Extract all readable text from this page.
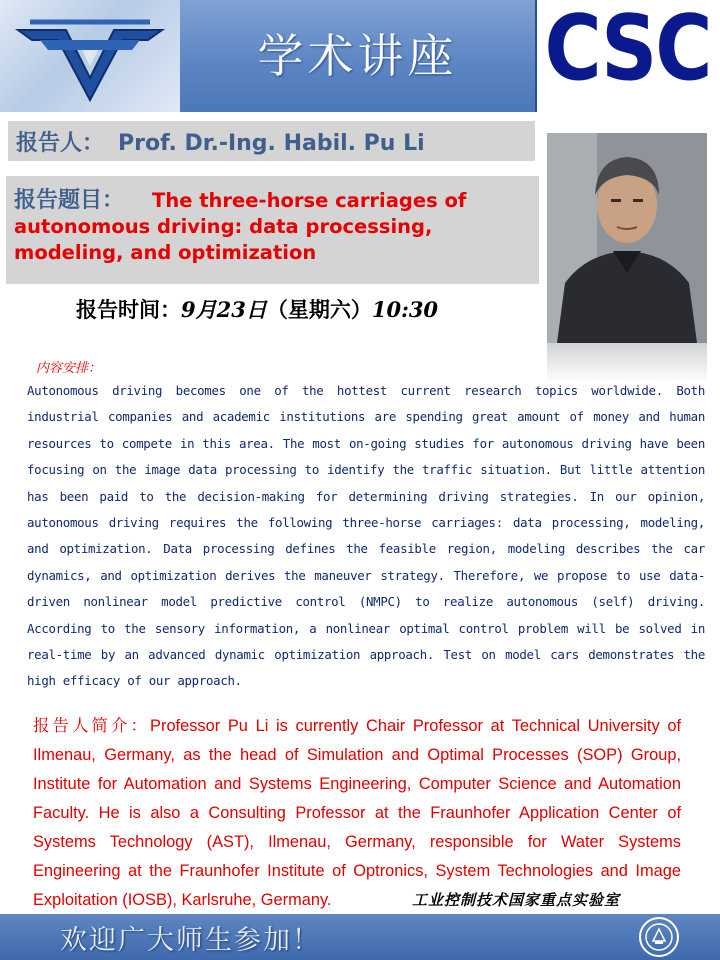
学术讲座	CSC
报告人： Prof. Dr.-Ing. Habil. Pu Li
报告题目： The three-horse carriages of autonomous driving: data processing, modeling, and optimization
报告时间：9月23日（星期六）10:30
内容安排：
Autonomous driving becomes one of the hottest current research topics worldwide. Both industrial companies and academic institutions are spending great amount of money and human resources to compete in this area. The most on-going studies for autonomous driving have been focusing on the image data processing to identify the traffic situation. But little attention has been paid to the decision-making for determining driving strategies. In our opinion, autonomous driving requires the following three-horse carriages: data processing, modeling, and optimization. Data processing defines the feasible region, modeling describes the car dynamics, and optimization derives the maneuver strategy. Therefore, we propose to use data-driven nonlinear model predictive control (NMPC) to realize autonomous (self) driving. According to the sensory information, a nonlinear optimal control problem will be solved in real-time by an advanced dynamic optimization approach. Test on model cars demonstrates the high efficacy of our approach.
报告人简介：Professor Pu Li is currently Chair Professor at Technical University of Ilmenau, Germany, as the head of Simulation and Optimal Processes (SOP) Group, Institute for Automation and Systems Engineering, Computer Science and Automation Faculty. He is also a Consulting Professor at the Fraunhofer Application Center of Systems Technology (AST), Ilmenau, Germany, responsible for Water Systems Engineering at the Fraunhofer Institute of Optronics, System Technologies and Image Exploitation (IOSB), Karlsruhe, Germany.	工业控制技术国家重点实验室
欢迎广大师生参加！
